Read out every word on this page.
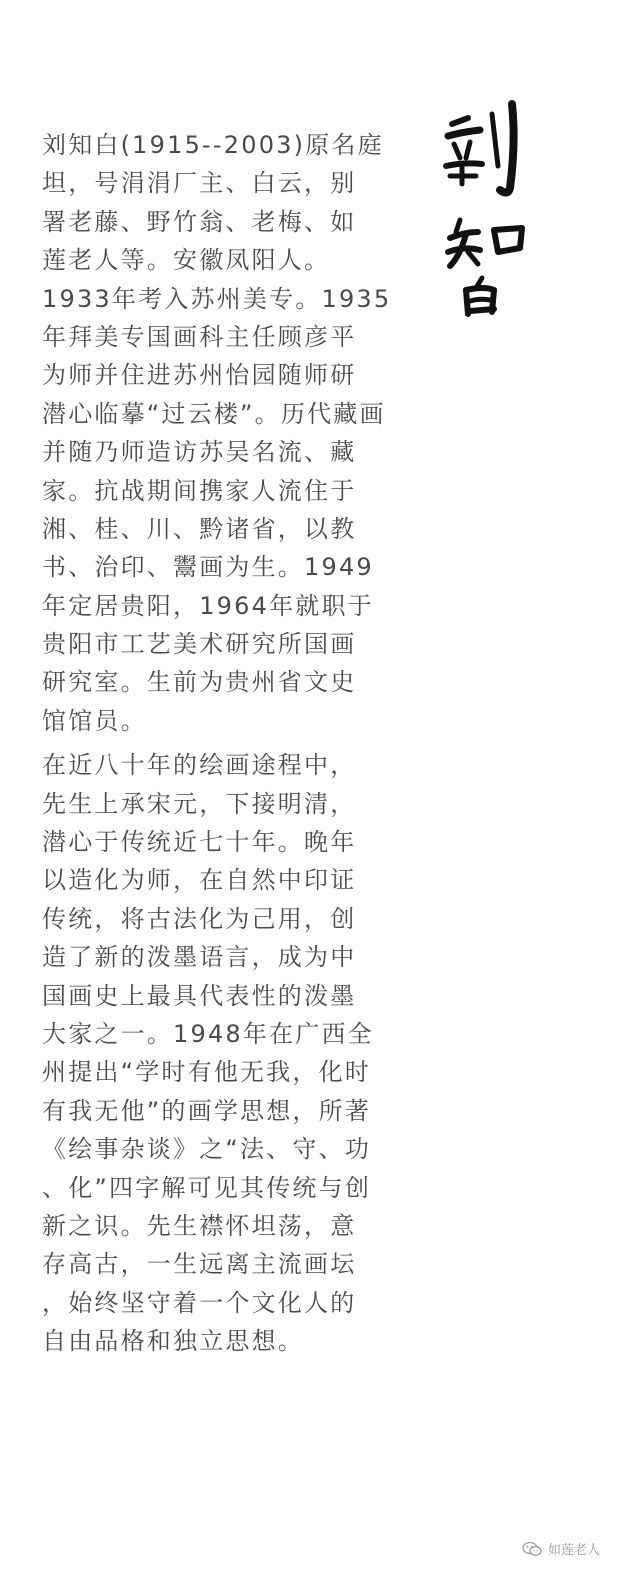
刘知白(1915--2003)原名庭
坦，号涓涓厂主、白云，别
署老藤、野竹翁、老梅、如
莲老人等。安徽凤阳人。
1933年考入苏州美专。1935
年拜美专国画科主任顾彦平
为师并住进苏州怡园随师研
潜心临摹“过云楼”。历代藏画
并随乃师造访苏吴名流、藏
家。抗战期间携家人流住于
湘、桂、川、黔诸省，以教
书、治印、鬻画为生。1949
年定居贵阳，1964年就职于
贵阳市工艺美术研究所国画
研究室。生前为贵州省文史
馆馆员。
在近八十年的绘画途程中，
先生上承宋元，下接明清，
潜心于传统近七十年。晚年
以造化为师，在自然中印证
传统，将古法化为己用，创
造了新的泼墨语言，成为中
国画史上最具代表性的泼墨
大家之一。1948年在广西全
州提出“学时有他无我，化时
有我无他”的画学思想，所著
《绘事杂谈》之“法、守、功
、化”四字解可见其传统与创
新之识。先生襟怀坦荡，意
存高古，一生远离主流画坛
，始终坚守着一个文化人的
自由品格和独立思想。
如莲老人
